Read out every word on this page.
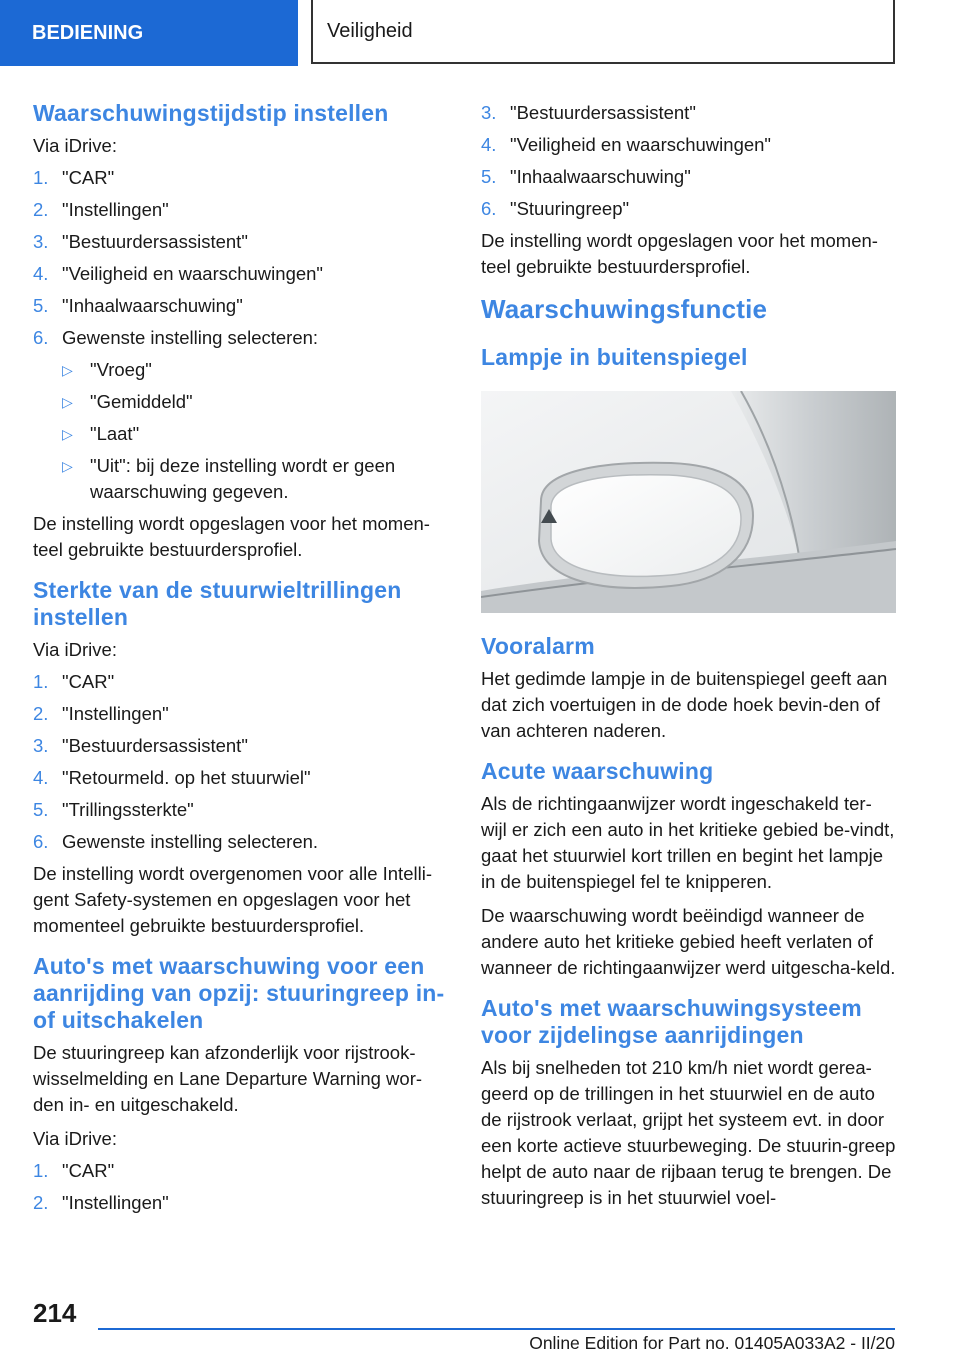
BEDIENING	Veiligheid
Waarschuwingstijdstip instellen

Via iDrive:

1. "CAR"
2. "Instellingen"
3. "Bestuurdersassistent"
4. "Veiligheid en waarschuwingen"
5. "Inhaalwaarschuwing"
6. Gewenste instelling selecteren:
▷ "Vroeg"
▷ "Gemiddeld"
▷ "Laat"
▷ "Uit": bij deze instelling wordt er geen waarschuwing gegeven.

De instelling wordt opgeslagen voor het momen‐teel gebruikte bestuurdersprofiel.

Sterkte van de stuurwieltrillingen instellen

Via iDrive:

1. "CAR"
2. "Instellingen"
3. "Bestuurdersassistent"
4. "Retourmeld. op het stuurwiel"
5. "Trillingssterkte"
6. Gewenste instelling selecteren.

De instelling wordt overgenomen voor alle Intelli‐gent Safety-systemen en opgeslagen voor het momenteel gebruikte bestuurdersprofiel.

Auto's met waarschuwing voor een aanrijding van opzij: stuuringreep in- of uitschakelen

De stuuringreep kan afzonderlijk voor rijstrook‐wisselmelding en Lane Departure Warning wor‐den in- en uitgeschakeld.

Via iDrive:

1. "CAR"
2. "Instellingen"
3. "Bestuurdersassistent"
4. "Veiligheid en waarschuwingen"
5. "Inhaalwaarschuwing"
6. "Stuuringreep"

De instelling wordt opgeslagen voor het momen‐teel gebruikte bestuurdersprofiel.

Waarschuwingsfunctie
Lampje in buitenspiegel
Vooralarm

Het gedimde lampje in de buitenspiegel geeft aan dat zich voertuigen in de dode hoek bevin‐den of van achteren naderen.

Acute waarschuwing

Als de richtingaanwijzer wordt ingeschakeld ter‐wijl er zich een auto in het kritieke gebied be‐vindt, gaat het stuurwiel kort trillen en begint het lampje in de buitenspiegel fel te knipperen.

De waarschuwing wordt beëindigd wanneer de andere auto het kritieke gebied heeft verlaten of wanneer de richtingaanwijzer werd uitgescha‐keld.

Auto's met waarschuwingsysteem voor zijdelingse aanrijdingen

Als bij snelheden tot 210 km/h niet wordt gerea‐geerd op de trillingen in het stuurwiel en de auto de rijstrook verlaat, grijpt het systeem evt. in door een korte actieve stuurbeweging. De stuurin‐greep helpt de auto naar de rijbaan terug te brengen. De stuuringreep is in het stuurwiel voel‐

214
Online Edition for Part no. 01405A033A2 - II/20
